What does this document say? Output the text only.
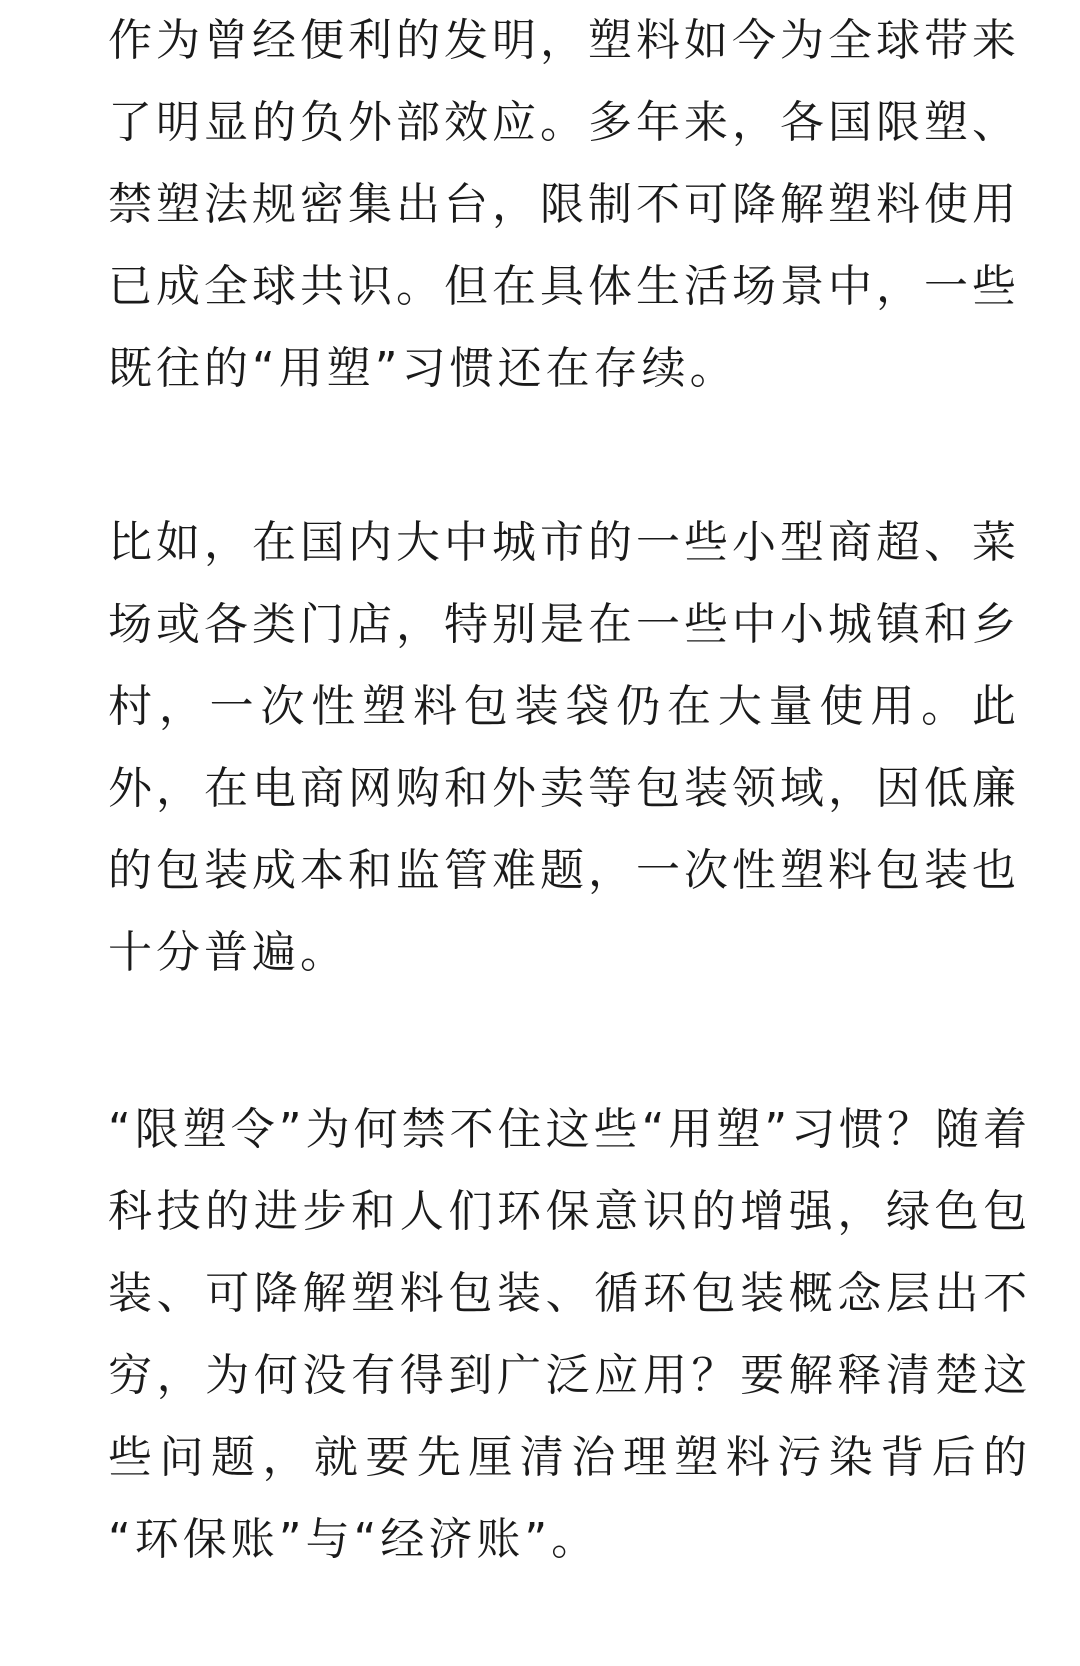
作为曾经便利的发明，塑料如今为全球带来
了明显的负外部效应。多年来，各国限塑、
禁塑法规密集出台，限制不可降解塑料使用
已成全球共识。但在具体生活场景中，一些
既往的“用塑”习惯还在存续。
比如，在国内大中城市的一些小型商超、菜
场或各类门店，特别是在一些中小城镇和乡
村，一次性塑料包装袋仍在大量使用。此
外，在电商网购和外卖等包装领域，因低廉
的包装成本和监管难题，一次性塑料包装也
十分普遍。
“限塑令”为何禁不住这些“用塑”习惯？随着
科技的进步和人们环保意识的增强，绿色包
装、可降解塑料包装、循环包装概念层出不
穷，为何没有得到广泛应用？要解释清楚这
些问题，就要先厘清治理塑料污染背后的
“环保账”与“经济账”。
